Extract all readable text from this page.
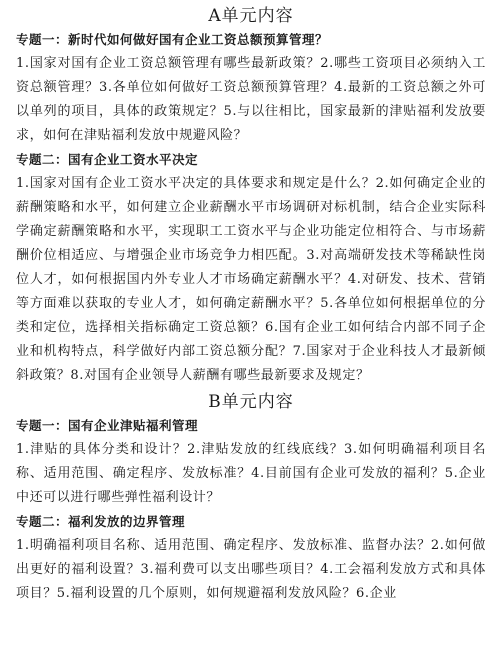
A单元内容
专题一：新时代如何做好国有企业工资总额预算管理？

1.国家对国有企业工资总额管理有哪些最新政策？2.哪些工资项目必须纳入工资总额管理？3.各单位如何做好工资总额预算管理？4.最新的工资总额之外可以单列的项目，具体的政策规定？5.与以往相比，国家最新的津贴福利发放要求，如何在津贴福利发放中规避风险？

专题二：国有企业工资水平决定

1.国家对国有企业工资水平决定的具体要求和规定是什么？2.如何确定企业的薪酬策略和水平，如何建立企业薪酬水平市场调研对标机制，结合企业实际科学确定薪酬策略和水平，实现职工工资水平与企业功能定位相符合、与市场薪酬价位相适应、与增强企业市场竞争力相匹配。3.对高端研发技术等稀缺性岗位人才，如何根据国内外专业人才市场确定薪酬水平？4.对研发、技术、营销等方面难以获取的专业人才，如何确定薪酬水平？5.各单位如何根据单位的分类和定位，选择相关指标确定工资总额？6.国有企业工如何结合内部不同子企业和机构特点，科学做好内部工资总额分配？7.国家对于企业科技人才最新倾斜政策？8.对国有企业领导人薪酬有哪些最新要求及规定？

B单元内容
专题一：国有企业津贴福利管理

1.津贴的具体分类和设计？2.津贴发放的红线底线？3.如何明确福利项目名称、适用范围、确定程序、发放标准？4.目前国有企业可发放的福利？5.企业中还可以进行哪些弹性福利设计？

专题二：福利发放的边界管理

1.明确福利项目名称、适用范围、确定程序、发放标准、监督办法？2.如何做出更好的福利设置？3.福利费可以支出哪些项目？4.工会福利发放方式和具体项目？5.福利设置的几个原则，如何规避福利发放风险？6.企业
